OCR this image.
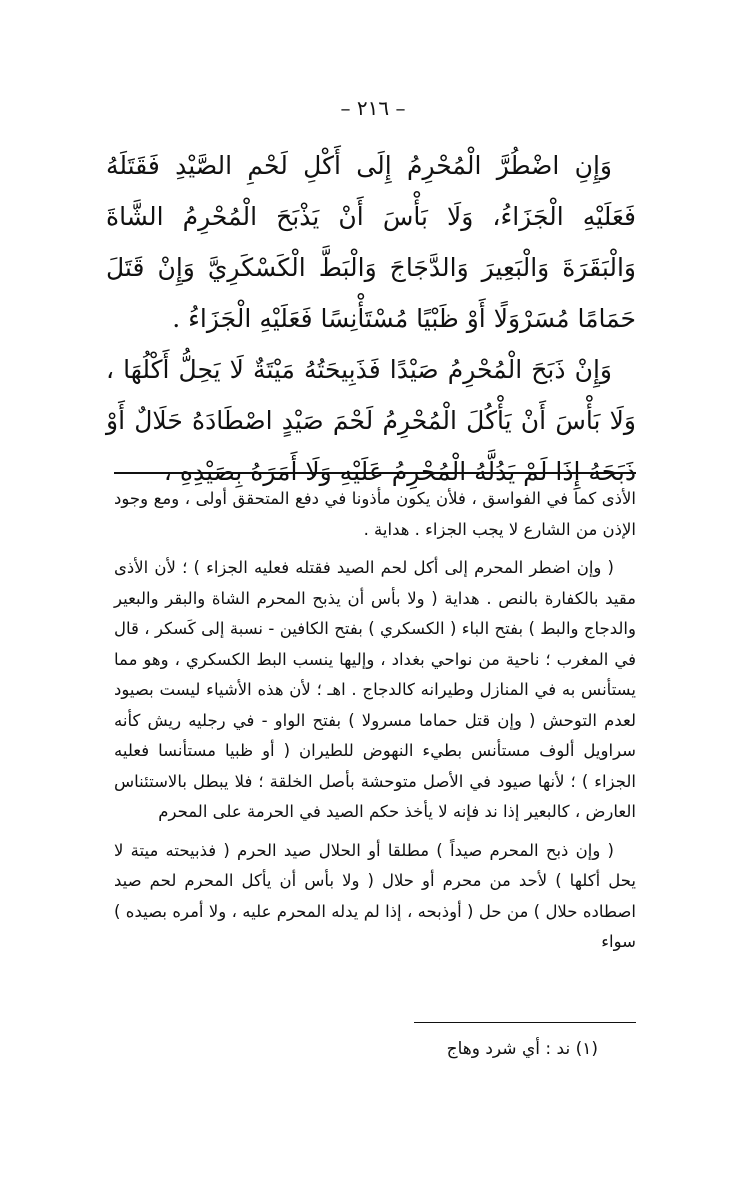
– ٢١٦ –

وَإِنِ اضْطُرَّ الْمُحْرِمُ إِلَى أَكْلِ لَحْمِ الصَّيْدِ فَقَتَلَهُ فَعَلَيْهِ الْجَزَاءُ، وَلَا بَأْسَ أَنْ يَذْبَحَ الْمُحْرِمُ الشَّاةَ وَالْبَقَرَةَ وَالْبَعِيرَ وَالدَّجَاجَ وَالْبَطَّ الْكَسْكَرِيَّ وَإِنْ قَتَلَ حَمَامًا مُسَرْوَلًا أَوْ ظَبْيًا مُسْتَأْنِسًا فَعَلَيْهِ الْجَزَاءُ .

وَإِنْ ذَبَحَ الْمُحْرِمُ صَيْدًا فَذَبِيحَتُهُ مَيْتَةٌ لَا يَحِلُّ أَكْلُهَا ، وَلَا بَأْسَ أَنْ يَأْكُلَ الْمُحْرِمُ لَحْمَ صَيْدٍ اصْطَادَهُ حَلَالٌ أَوْ ذَبَحَهُ إِذَا لَمْ يَدُلَّهُ الْمُحْرِمُ عَلَيْهِ وَلَا أَمَرَهُ بِصَيْدِهِ ،

الأذى كما في الفواسق ، فلأن يكون مأذونا في دفع المتحقق أولى ، ومع وجود الإذن من الشارع لا يجب الجزاء . هداية .

( وإن اضطر المحرم إلى أكل لحم الصيد فقتله فعليه الجزاء ) ؛ لأن الأذى مقيد بالكفارة بالنص . هداية ( ولا بأس أن يذبح المحرم الشاة والبقر والبعير والدجاج والبط ) بفتح الباء ( الكسكري ) بفتح الكافين - نسبة إلى كَسكر ، قال في المغرب ؛ ناحية من نواحي بغداد ، وإليها ينسب البط الكسكري ، وهو مما يستأنس به في المنازل وطيرانه كالدجاج . اهـ ؛ لأن هذه الأشياء ليست بصيود لعدم التوحش ( وإن قتل حماما مسرولا ) بفتح الواو - في رجليه ريش كأنه سراويل ألوف مستأنس بطيء النهوض للطيران ( أو ظبيا مستأنسا فعليه الجزاء ) ؛ لأنها صيود في الأصل متوحشة بأصل الخلقة ؛ فلا يبطل بالاستئناس العارض ، كالبعير إذا ند فإنه لا يأخذ حكم الصيد في الحرمة على المحرم

( وإن ذبح المحرم صيداً ) مطلقا أو الحلال صيد الحرم ( فذبيحته ميتة لا يحل أكلها ) لأحد من محرم أو حلال ( ولا بأس أن يأكل المحرم لحم صيد اصطاده حلال ) من حل ( أوذبحه ، إذا لم يدله المحرم عليه ، ولا أمره بصيده ) سواء

(١) ند : أي شرد وهاج
